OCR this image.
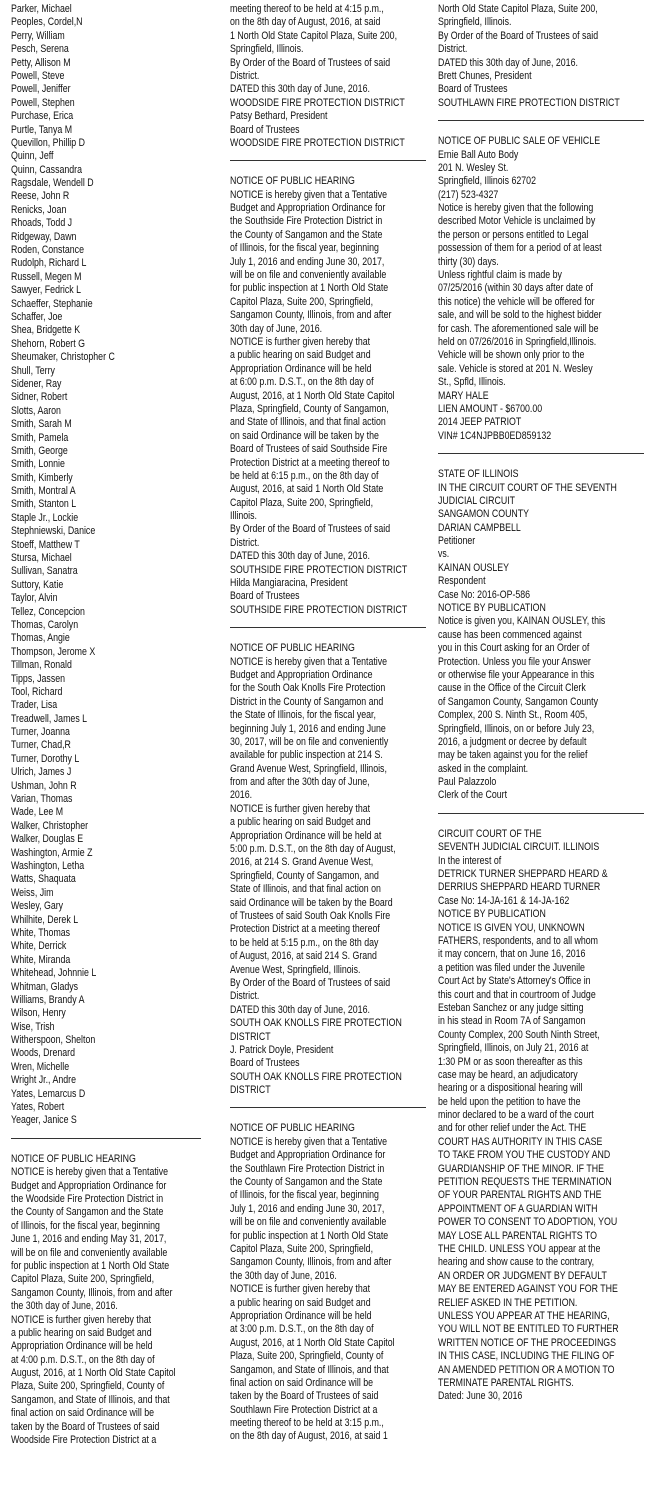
Parker, Michael
Peoples, Cordel,N
Perry, William
Pesch, Serena
Petty, Allison M
Powell, Steve
Powell, Jeniffer
Powell, Stephen
Purchase, Erica
Purtle, Tanya M
Quevillon, Phillip D
Quinn, Jeff
Quinn, Cassandra
Ragsdale, Wendell D
Reese, John R
Renicks, Joan
Rhoads, Todd J
Ridgeway, Dawn
Roden, Constance
Rudolph, Richard L
Russell, Megen M
Sawyer, Fedrick L
Schaeffer, Stephanie
Schaffer, Joe
Shea, Bridgette K
Shehorn, Robert G
Sheumaker, Christopher C
Shull, Terry
Sidener, Ray
Sidner, Robert
Slotts, Aaron
Smith, Sarah M
Smith, Pamela
Smith, George
Smith, Lonnie
Smith, Kimberly
Smith, Montral A
Smith, Stanton L
Staple Jr., Lockie
Stephniewski, Danice
Stoeff, Matthew T
Stursa, Michael
Sullivan, Sanatra
Suttory, Katie
Taylor, Alvin
Tellez, Concepcion
Thomas, Carolyn
Thomas, Angie
Thompson, Jerome X
Tillman, Ronald
Tipps, Jassen
Tool, Richard
Trader, Lisa
Treadwell, James L
Turner, Joanna
Turner, Chad,R
Turner, Dorothy L
Ulrich, James J
Ushman, John R
Varian, Thomas
Wade, Lee M
Walker, Christopher
Walker, Douglas E
Washington, Armie Z
Washington, Letha
Watts, Shaquata
Weiss, Jim
Wesley, Gary
Whilhite, Derek L
White, Thomas
White, Derrick
White, Miranda
Whitehead, Johnnie L
Whitman, Gladys
Williams, Brandy A
Wilson, Henry
Wise, Trish
Witherspoon, Shelton
Woods, Drenard
Wren, Michelle
Wright Jr., Andre
Yates, Lemarcus D
Yates, Robert
Yeager, Janice S
NOTICE OF PUBLIC HEARING
NOTICE is hereby given that a Tentative
Budget and Appropriation Ordinance for
the Woodside Fire Protection District in
the County of Sangamon and the State
of Illinois, for the fiscal year, beginning
June 1, 2016 and ending May 31, 2017,
will be on file and conveniently available
for public inspection at 1 North Old State
Capitol Plaza, Suite 200, Springfield,
Sangamon County, Illinois, from and after
the 30th day of June, 2016.
NOTICE is further given hereby that
a public hearing on said Budget and
Appropriation Ordinance will be held
at 4:00 p.m. D.S.T., on the 8th day of
August, 2016, at 1 North Old State Capitol
Plaza, Suite 200, Springfield, County of
Sangamon, and State of Illinois, and that
final action on said Ordinance will be
taken by the Board of Trustees of said
Woodside Fire Protection District at a
meeting thereof to be held at 4:15 p.m.,
on the 8th day of August, 2016, at said
1 North Old State Capitol Plaza, Suite 200,
Springfield, Illinois.
By Order of the Board of Trustees of said
District.
DATED this 30th day of June, 2016.
WOODSIDE FIRE PROTECTION DISTRICT
Patsy Bethard, President
Board of Trustees
WOODSIDE FIRE PROTECTION DISTRICT
NOTICE OF PUBLIC HEARING
NOTICE is hereby given that a Tentative
Budget and Appropriation Ordinance for
the Southside Fire Protection District in
the County of Sangamon and the State
of Illinois, for the fiscal year, beginning
July 1, 2016 and ending June 30, 2017,
will be on file and conveniently available
for public inspection at 1 North Old State
Capitol Plaza, Suite 200, Springfield,
Sangamon County, Illinois, from and after
30th day of June, 2016.
NOTICE is further given hereby that
a public hearing on said Budget and
Appropriation Ordinance will be held
at 6:00 p.m. D.S.T., on the 8th day of
August, 2016, at 1 North Old State Capitol
Plaza, Springfield, County of Sangamon,
and State of Illinois, and that final action
on said Ordinance will be taken by the
Board of Trustees of said Southside Fire
Protection District at a meeting thereof to
be held at 6:15 p.m., on the 8th day of
August, 2016, at said 1 North Old State
Capitol Plaza, Suite 200, Springfield,
Illinois.
By Order of the Board of Trustees of said
District.
DATED this 30th day of June, 2016.
SOUTHSIDE FIRE PROTECTION DISTRICT
Hilda Mangiaracina, President
Board of Trustees
SOUTHSIDE FIRE PROTECTION DISTRICT
NOTICE OF PUBLIC HEARING
NOTICE is hereby given that a Tentative
Budget and Appropriation Ordinance
for the South Oak Knolls Fire Protection
District in the County of Sangamon and
the State of Illinois, for the fiscal year,
beginning July 1, 2016 and ending June
30, 2017, will be on file and conveniently
available for public inspection at 214 S.
Grand Avenue West, Springfield, Illinois,
from and after the 30th day of June,
2016.
NOTICE is further given hereby that
a public hearing on said Budget and
Appropriation Ordinance will be held at
5:00 p.m. D.S.T., on the 8th day of August,
2016, at 214 S. Grand Avenue West,
Springfield, County of Sangamon, and
State of Illinois, and that final action on
said Ordinance will be taken by the Board
of Trustees of said South Oak Knolls Fire
Protection District at a meeting thereof
to be held at 5:15 p.m., on the 8th day
of August, 2016, at said 214 S. Grand
Avenue West, Springfield, Illinois.
By Order of the Board of Trustees of said
District.
DATED this 30th day of June, 2016.
SOUTH OAK KNOLLS FIRE PROTECTION
DISTRICT
J. Patrick Doyle, President
Board of Trustees
SOUTH OAK KNOLLS FIRE PROTECTION
DISTRICT
NOTICE OF PUBLIC HEARING
NOTICE is hereby given that a Tentative
Budget and Appropriation Ordinance for
the Southlawn Fire Protection District in
the County of Sangamon and the State
of Illinois, for the fiscal year, beginning
July 1, 2016 and ending June 30, 2017,
will be on file and conveniently available
for public inspection at 1 North Old State
Capitol Plaza, Suite 200, Springfield,
Sangamon County, Illinois, from and after
the 30th day of June, 2016.
NOTICE is further given hereby that
a public hearing on said Budget and
Appropriation Ordinance will be held
at 3:00 p.m. D.S.T., on the 8th day of
August, 2016, at 1 North Old State Capitol
Plaza, Suite 200, Springfield, County of
Sangamon, and State of Illinois, and that
final action on said Ordinance will be
taken by the Board of Trustees of said
Southlawn Fire Protection District at a
meeting thereof to be held at 3:15 p.m.,
on the 8th day of August, 2016, at said 1
North Old State Capitol Plaza, Suite 200,
Springfield, Illinois.
By Order of the Board of Trustees of said
District.
DATED this 30th day of June, 2016.
Brett Chunes, President
Board of Trustees
SOUTHLAWN FIRE PROTECTION DISTRICT
NOTICE OF PUBLIC SALE OF VEHICLE
Ernie Ball Auto Body
201 N. Wesley St.
Springfield, Illinois 62702
(217) 523-4327
Notice is hereby given that the following
described Motor Vehicle is unclaimed by
the person or persons entitled to Legal
possession of them for a period of at least
thirty (30) days.
Unless rightful claim is made by
07/25/2016 (within 30 days after date of
this notice) the vehicle will be offered for
sale, and will be sold to the highest bidder
for cash. The aforementioned sale will be
held on 07/26/2016 in Springfield,Illinois.
Vehicle will be shown only prior to the
sale. Vehicle is stored at 201 N. Wesley
St., Spfld, Illinois.
MARY HALE
LIEN AMOUNT - $6700.00
2014 JEEP PATRIOT
VIN# 1C4NJPBB0ED859132
STATE OF ILLINOIS
IN THE CIRCUIT COURT OF THE SEVENTH
JUDICIAL CIRCUIT
SANGAMON COUNTY
DARIAN CAMPBELL
Petitioner
vs.
KAINAN OUSLEY
Respondent
Case No: 2016-OP-586
NOTICE BY PUBLICATION
Notice is given you, KAINAN OUSLEY, this
cause has been commenced against
you in this Court asking for an Order of
Protection. Unless you file your Answer
or otherwise file your Appearance in this
cause in the Office of the Circuit Clerk
of Sangamon County, Sangamon County
Complex, 200 S. Ninth St., Room 405,
Springfield, Illinois, on or before July 23,
2016, a judgment or decree by default
may be taken against you for the relief
asked in the complaint.
Paul Palazzolo
Clerk of the Court
CIRCUIT COURT OF THE
SEVENTH JUDICIAL CIRCUIT. ILLINOIS
In the interest of
DETRICK TURNER SHEPPARD HEARD &
DERRIUS SHEPPARD HEARD TURNER
Case No: 14-JA-161 & 14-JA-162
NOTICE BY PUBLICATION
NOTICE IS GIVEN YOU, UNKNOWN
FATHERS, respondents, and to all whom
it may concern, that on June 16, 2016
a petition was filed under the Juvenile
Court Act by State's Attorney's Office in
this court and that in courtroom of Judge
Esteban Sanchez or any judge sitting
in his stead in Room 7A of Sangamon
County Complex, 200 South Ninth Street,
Springfield, Illinois, on July 21, 2016 at
1:30 PM or as soon thereafter as this
case may be heard, an adjudicatory
hearing or a dispositional hearing will
be held upon the petition to have the
minor declared to be a ward of the court
and for other relief under the Act. THE
COURT HAS AUTHORITY IN THIS CASE
TO TAKE FROM YOU THE CUSTODY AND
GUARDIANSHIP OF THE MINOR. IF THE
PETITION REQUESTS THE TERMINATION
OF YOUR PARENTAL RIGHTS AND THE
APPOINTMENT OF A GUARDIAN WITH
POWER TO CONSENT TO ADOPTION, YOU
MAY LOSE ALL PARENTAL RIGHTS TO
THE CHILD. UNLESS YOU appear at the
hearing and show cause to the contrary,
AN ORDER OR JUDGMENT BY DEFAULT
MAY BE ENTERED AGAINST YOU FOR THE
RELIEF ASKED IN THE PETITION.
UNLESS YOU APPEAR AT THE HEARING,
YOU WILL NOT BE ENTITLED TO FURTHER
WRITTEN NOTICE OF THE PROCEEDINGS
IN THIS CASE, INCLUDING THE FILING OF
AN AMENDED PETITION OR A MOTION TO
TERMINATE PARENTAL RIGHTS.
Dated: June 30, 2016
